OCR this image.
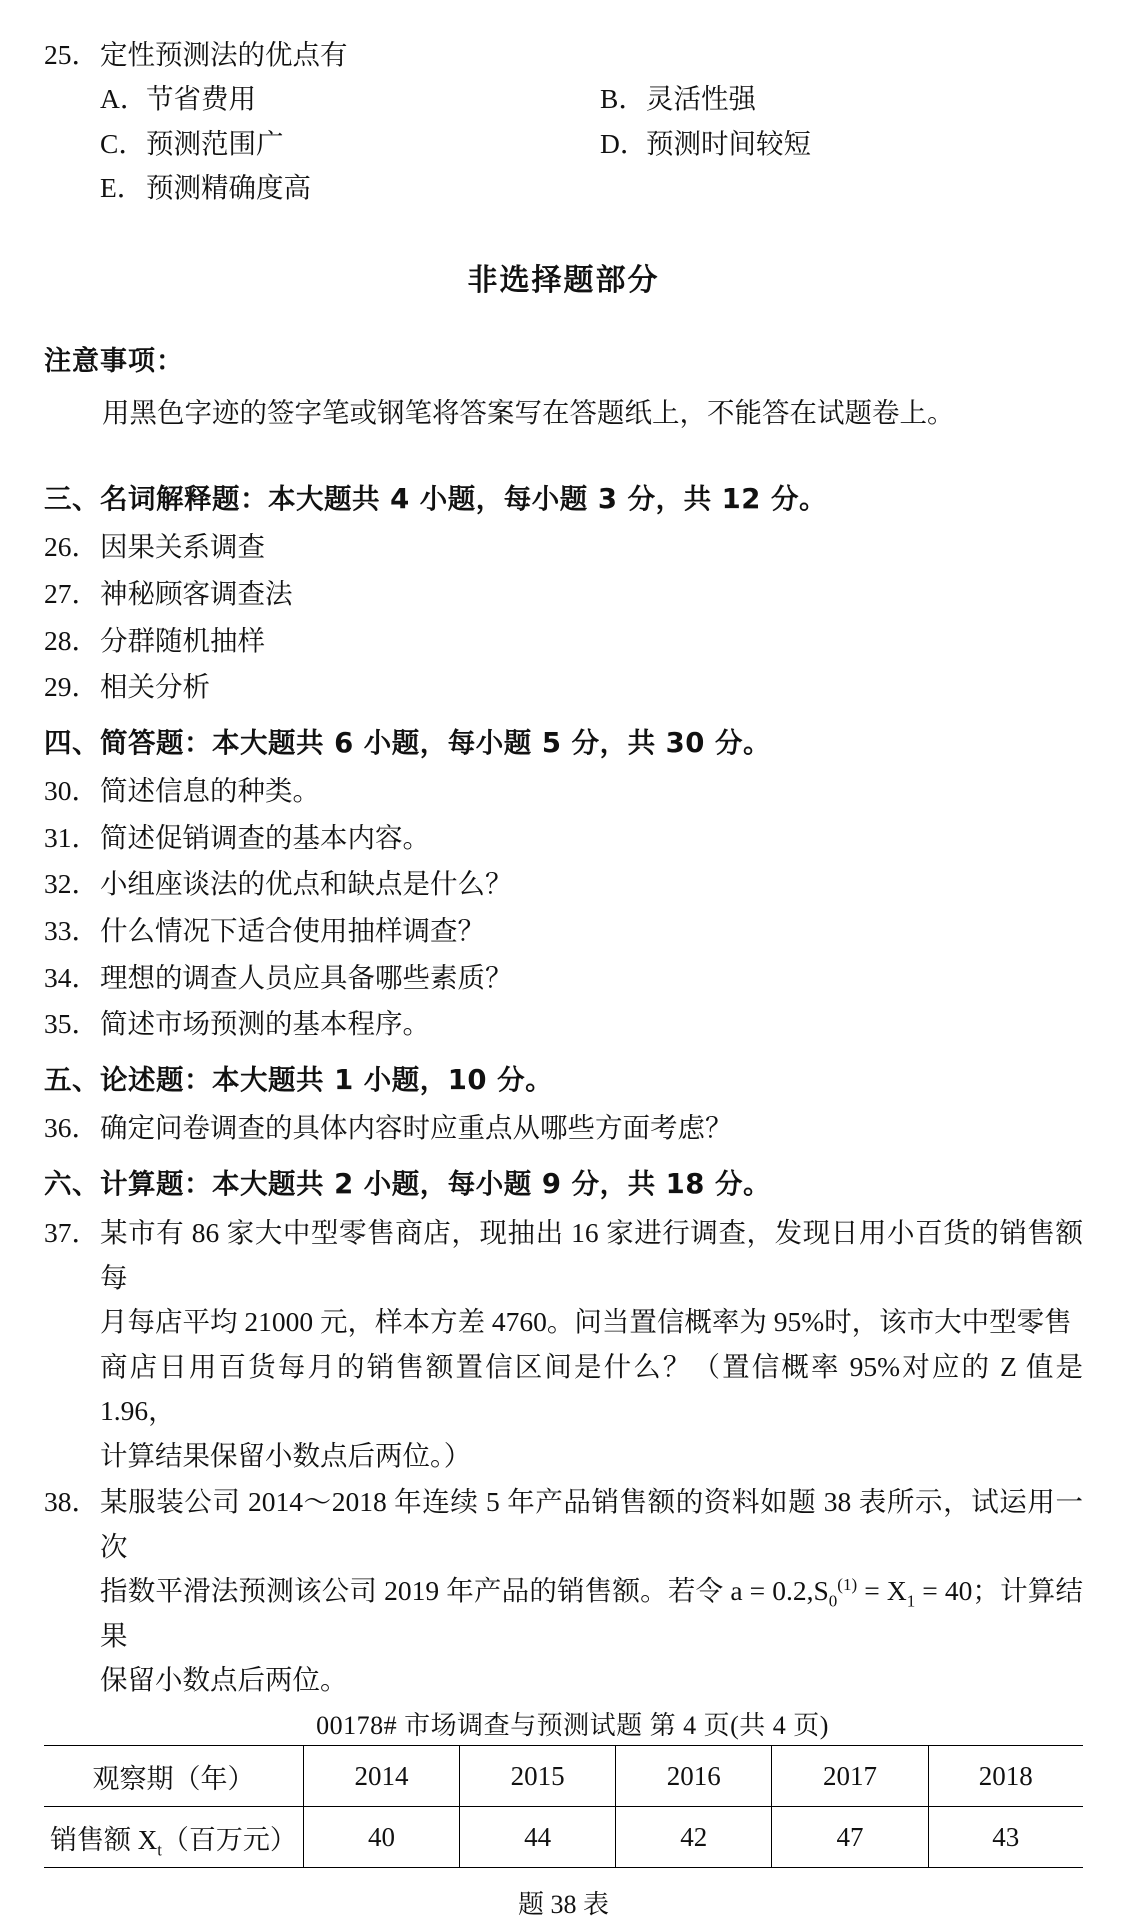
25． 定性预测法的优点有
A．
节省费用	B． 灵活性强
C． 预测范围广	D．
预测时间较短
E． 预测精确度高
非选择题部分
注意事项：
用黑色字迹的签字笔或钢笔将答案写在答题纸上，不能答在试题卷上。
三、名词解释题：本大题共 4 小题，每小题 3 分，共 12 分。
26． 因果关系调查
27． 神秘顾客调查法
28． 分群随机抽样
29． 相关分析
四、简答题：本大题共 6 小题，每小题 5 分，共 30 分。
30． 简述信息的种类。
31． 简述促销调查的基本内容。
32． 小组座谈法的优点和缺点是什么？
33． 什么情况下适合使用抽样调查？
34． 理想的调查人员应具备哪些素质？
35． 简述市场预测的基本程序。
五、论述题：本大题共 1 小题，10 分。
36． 确定问卷调查的具体内容时应重点从哪些方面考虑？
六、计算题：本大题共 2 小题，每小题 9 分，共 18 分。
37． 某市有 86 家大中型零售商店，现抽出 16 家进行调查，发现日用小百货的销售额每
月每店平均 21000 元，样本方差 4760。问当置信概率为 95%时，该市大中型零售
商店日用百货每月的销售额置信区间是什么？（置信概率 95%对应的 Z 值是 1.96，
计算结果保留小数点后两位。）
38． 某服装公司 2014～2018 年连续 5 年产品销售额的资料如题 38 表所示，试运用一次
指数平滑法预测该公司 2019 年产品的销售额。若令 $a = 0.2,S_0^{(1)} = X_1 = 40$；计算结果
保留小数点后两位。
观察期（年）	2014	2015	2016	2017	2018
销售额 $X_t$（百万元）	40	44	42	47	43
题 38 表
00178# 市场调查与预测试题 第 4 页(共 4 页)
